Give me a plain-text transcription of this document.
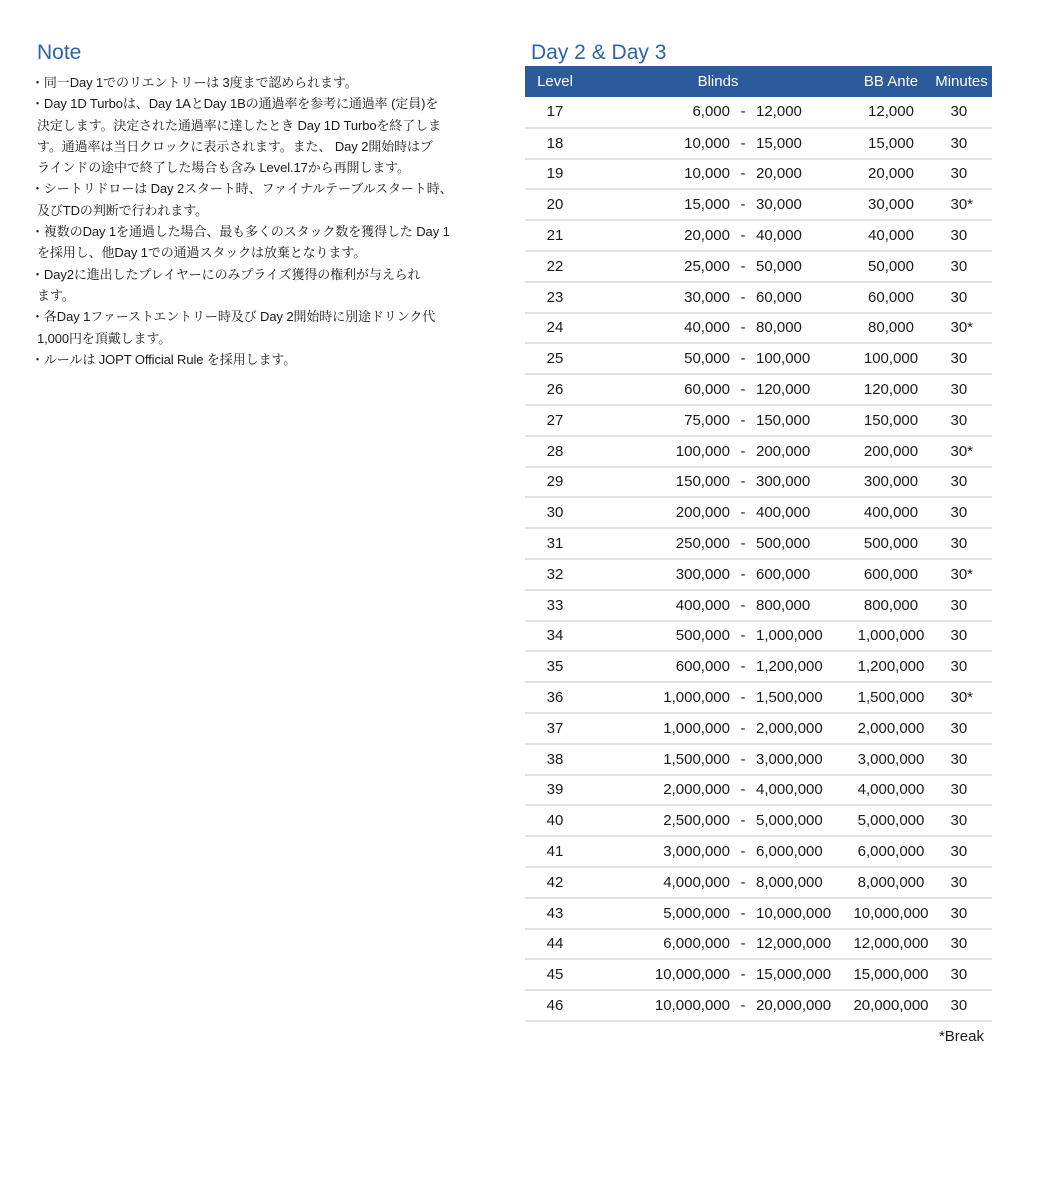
Note

・同一Day 1でのリエントリーは 3度まで認められます。

・Day 1D Turboは、Day 1AとDay 1Bの通過率を参考に通過率 (定員)を

決定します。決定された通過率に達したとき Day 1D Turboを終了しま

す。通過率は当日クロックに表示されます。また、 Day 2開始時はブ

ラインドの途中で終了した場合も含み Level.17から再開します。

・シートリドローは Day 2スタート時、ファイナルテーブルスタート時、

及びTDの判断で行われます。

・複数のDay 1を通過した場合、最も多くのスタック数を獲得した Day 1

を採用し、他Day 1での通過スタックは放棄となります。

・Day2に進出したプレイヤーにのみプライズ獲得の権利が与えられ

ます。

・各Day 1ファーストエントリー時及び Day 2開始時に別途ドリンク代

1,000円を頂戴します。

・ルールは JOPT Official Rule を採用します。

Day 2 & Day 3
Level	Blinds			BB Ante	Minutes
17	6,000	-	12,000	12,000	30
18	10,000	-	15,000	15,000	30
19	10,000	-	20,000	20,000	30
20	15,000	-	30,000	30,000	30*
21	20,000	-	40,000	40,000	30
22	25,000	-	50,000	50,000	30
23	30,000	-	60,000	60,000	30
24	40,000	-	80,000	80,000	30*
25	50,000	-	100,000	100,000	30
26	60,000	-	120,000	120,000	30
27	75,000	-	150,000	150,000	30
28	100,000	-	200,000	200,000	30*
29	150,000	-	300,000	300,000	30
30	200,000	-	400,000	400,000	30
31	250,000	-	500,000	500,000	30
32	300,000	-	600,000	600,000	30*
33	400,000	-	800,000	800,000	30
34	500,000	-	1,000,000	1,000,000	30
35	600,000	-	1,200,000	1,200,000	30
36	1,000,000	-	1,500,000	1,500,000	30*
37	1,000,000	-	2,000,000	2,000,000	30
38	1,500,000	-	3,000,000	3,000,000	30
39	2,000,000	-	4,000,000	4,000,000	30
40	2,500,000	-	5,000,000	5,000,000	30
41	3,000,000	-	6,000,000	6,000,000	30
42	4,000,000	-	8,000,000	8,000,000	30
43	5,000,000	-	10,000,000	10,000,000	30
44	6,000,000	-	12,000,000	12,000,000	30
45	10,000,000	-	15,000,000	15,000,000	30
46	10,000,000	-	20,000,000	20,000,000	30
*Break
